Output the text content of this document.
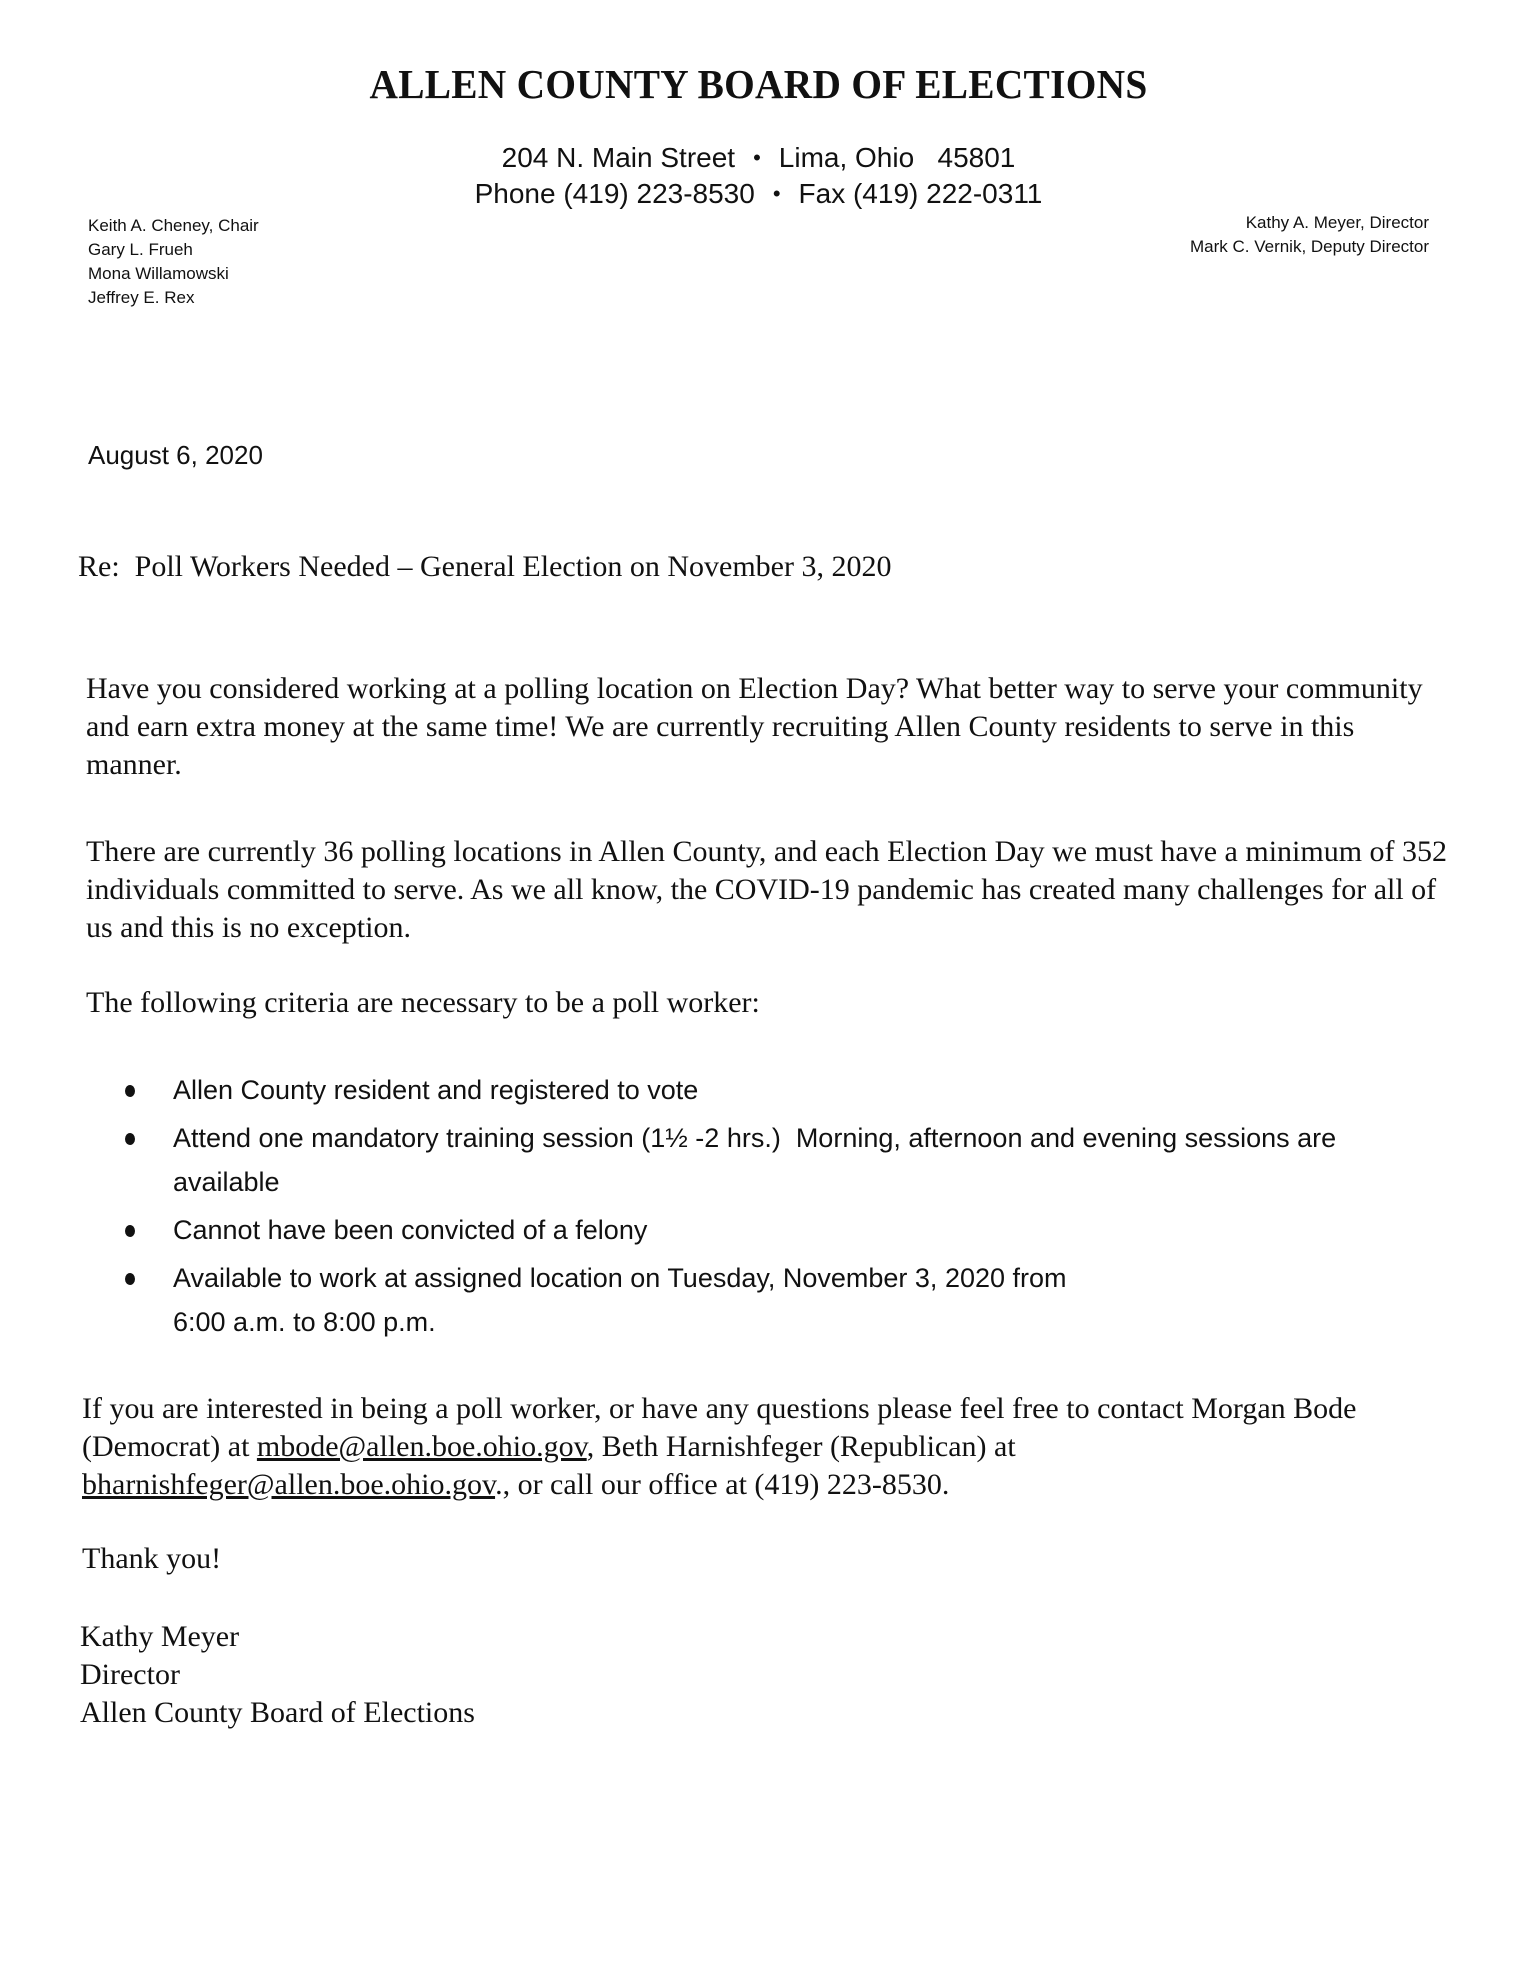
ALLEN COUNTY BOARD OF ELECTIONS
204 N. Main Street • Lima, Ohio   45801
Phone (419) 223-8530 • Fax (419) 222-0311
Keith A. Cheney, Chair
Gary L. Frueh
Mona Willamowski
Jeffrey E. Rex
Kathy A. Meyer, Director
Mark C. Vernik, Deputy Director
August 6, 2020
Re:  Poll Workers Needed – General Election on November 3, 2020

Have you considered working at a polling location on Election Day? What better way to serve your community and earn extra money at the same time! We are currently recruiting Allen County residents to serve in this manner.

There are currently 36 polling locations in Allen County, and each Election Day we must have a minimum of 352 individuals committed to serve. As we all know, the COVID-19 pandemic has created many challenges for all of us and this is no exception.

The following criteria are necessary to be a poll worker:

Allen County resident and registered to vote
Attend one mandatory training session (1½ -2 hrs.)  Morning, afternoon and evening sessions are available
Cannot have been convicted of a felony
Available to work at assigned location on Tuesday, November 3, 2020 from 6:00 a.m. to 8:00 p.m.

If you are interested in being a poll worker, or have any questions please feel free to contact Morgan Bode (Democrat) at mbode@allen.boe.ohio.gov, Beth Harnishfeger (Republican) at bharnishfeger@allen.boe.ohio.gov., or call our office at (419) 223-8530.

Thank you!
Kathy Meyer
Director
Allen County Board of Elections
